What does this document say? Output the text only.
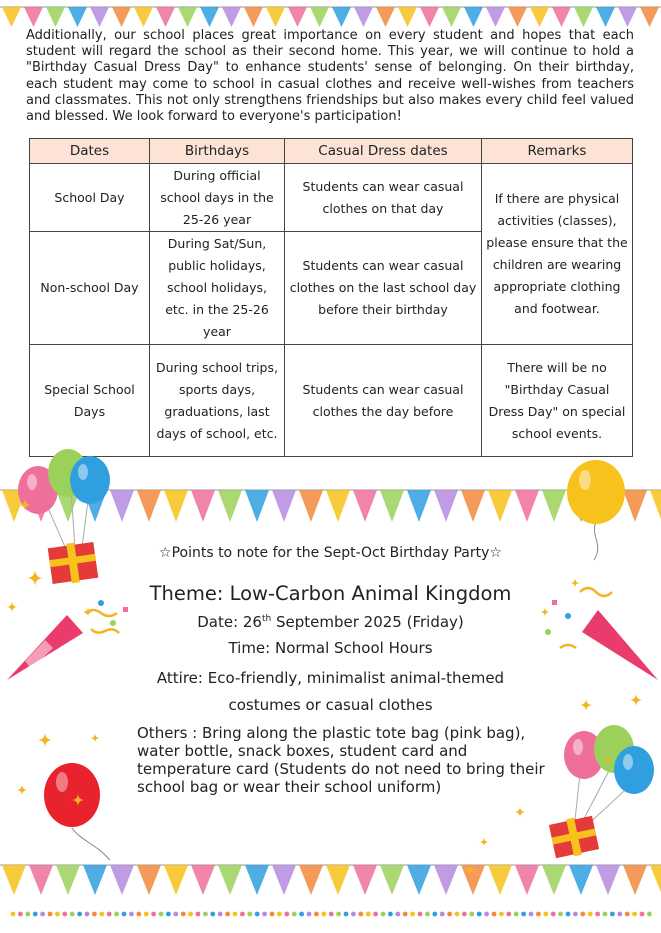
Additionally, our school places great importance on every student and hopes that each student will regard the school as their second home. This year, we will continue to hold a "Birthday Casual Dress Day" to enhance students' sense of belonging. On their birthday, each student may come to school in casual clothes and receive well-wishes from teachers and classmates. This not only strengthens friendships but also makes every child feel valued and blessed. We look forward to everyone's participation!

Dates	Birthdays	Casual Dress dates	Remarks
School Day	During official school days in the 25-26 year	Students can wear casual clothes on that day	If there are physical activities (classes), please ensure that the children are wearing appropriate clothing and footwear.
Non-school Day	During Sat/Sun, public holidays, school holidays, etc. in the 25-26 year	Students can wear casual clothes on the last school day before their birthday	
Special School Days	During school trips, sports days, graduations, last days of school, etc.	Students can wear casual clothes the day before	There will be no "Birthday Casual Dress Day" on special school events.
☆Points to note for the Sept-Oct Birthday Party☆
Theme: Low-Carbon Animal Kingdom
Date: 26th September 2025 (Friday)
Time: Normal School Hours
Attire: Eco-friendly, minimalist animal-themed
costumes or casual clothes
Others : Bring along the plastic tote bag (pink bag), water bottle, snack boxes, student card and temperature card (Students do not need to bring their school bag or wear their school uniform)
